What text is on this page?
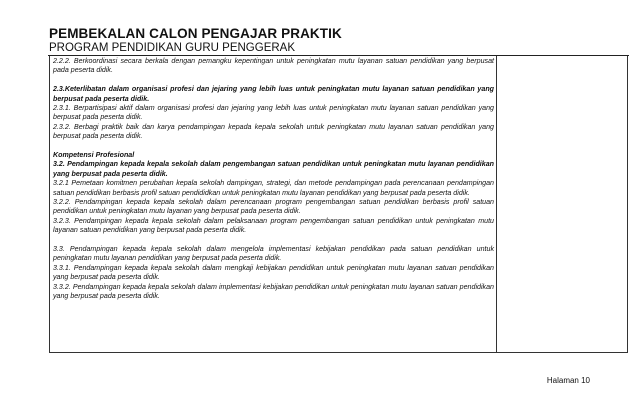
PEMBEKALAN CALON PENGAJAR PRAKTIK
PROGRAM PENDIDIKAN GURU PENGGERAK

2.2.2. Berkoordinasi secara berkala dengan pemangku kepentingan untuk peningkatan mutu layanan satuan pendidikan yang berpusat pada peserta didik.

2.3.Keterlibatan dalam organisasi profesi dan jejaring yang lebih luas untuk peningkatan mutu layanan satuan pendidikan yang berpusat pada peserta didik.

2.3.1. Berpartisipasi aktif dalam organisasi profesi dan jejaring yang lebih luas untuk peningkatan mutu layanan satuan pendidikan yang berpusat pada peserta didik.

2.3.2. Berbagi praktik baik dan karya pendampingan kepada kepala sekolah untuk peningkatan mutu layanan satuan pendidikan yang berpusat pada peserta didik.

Kompetensi Profesional

3.2. Pendampingan kepada kepala sekolah dalam pengembangan satuan pendidikan untuk peningkatan mutu layanan pendidikan yang berpusat pada peserta didik.

3.2.1 Pemetaan komitmen perubahan kepala sekolah dampingan, strategi, dan metode pendampingan pada perencanaan pendampingan satuan pendidikan berbasis profil satuan pendididkan untuk peningkatan mutu layanan pendidikan yang berpusat pada peserta didik.

3.2.2. Pendampingan kepada kepala sekolah dalam perencanaan program pengembangan satuan pendidikan berbasis profil satuan pendidikan untuk peningkatan mutu layanan yang berpusat pada peserta didik.

3.2.3. Pendampingan kepada kepala sekolah dalam pelaksanaan program pengembangan satuan pendidikan untuk peningkatan mutu layanan satuan pendidikan yang berpusat pada peserta didik.

3.3. Pendampingan kepada kepala sekolah dalam mengelola implementasi kebijakan pendidikan pada satuan pendidikan untuk peningkatan mutu layanan pendidikan yang berpusat pada peserta didik.

3.3.1. Pendampingan kepada kepala sekolah dalam mengkaji kebijakan pendidikan untuk peningkatan mutu layanan satuan pendidikan yang berpusat pada peserta didik.

3.3.2. Pendampingan kepada kepala sekolah dalam implementasi kebijakan pendidikan untuk peningkatan mutu layanan satuan pendidikan yang berpusat pada peserta didik.

Halaman 10
